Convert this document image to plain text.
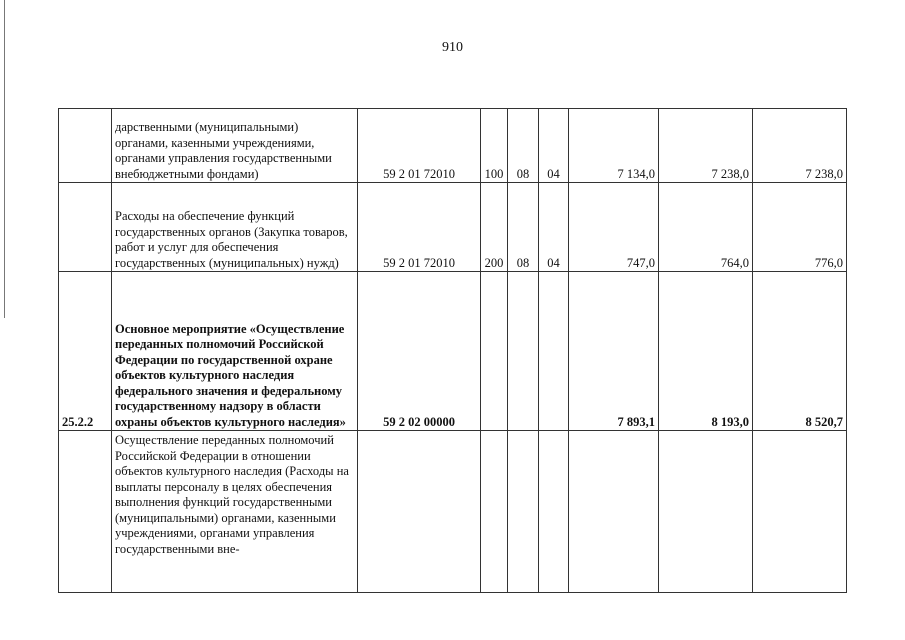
910
	дарственными (муниципальными) органами, казенными учреждениями, органами управления государственными внебюджетными фондами)	59 2 01 72010	100	08	04	7 134,0	7 238,0	7 238,0
	Расходы на обеспечение функций государственных органов (Закупка товаров, работ и услуг для обеспечения государственных (муниципальных) нужд)	59 2 01 72010	200	08	04	747,0	764,0	776,0
25.2.2	Основное мероприятие «Осуществление переданных полномочий Российской Федерации по государственной охране объектов культурного наследия федерального значения и федеральному государственному надзору в области охраны объектов культурного наследия»	59 2 02 00000				7 893,1	8 193,0	8 520,7
	Осуществление переданных полномочий Российской Федерации в отношении объектов культурного наследия (Расходы на выплаты персоналу в целях обеспечения выполнения функций государственными (муниципальными) органами, казенными учреждениями, органами управления государственными вне-							
